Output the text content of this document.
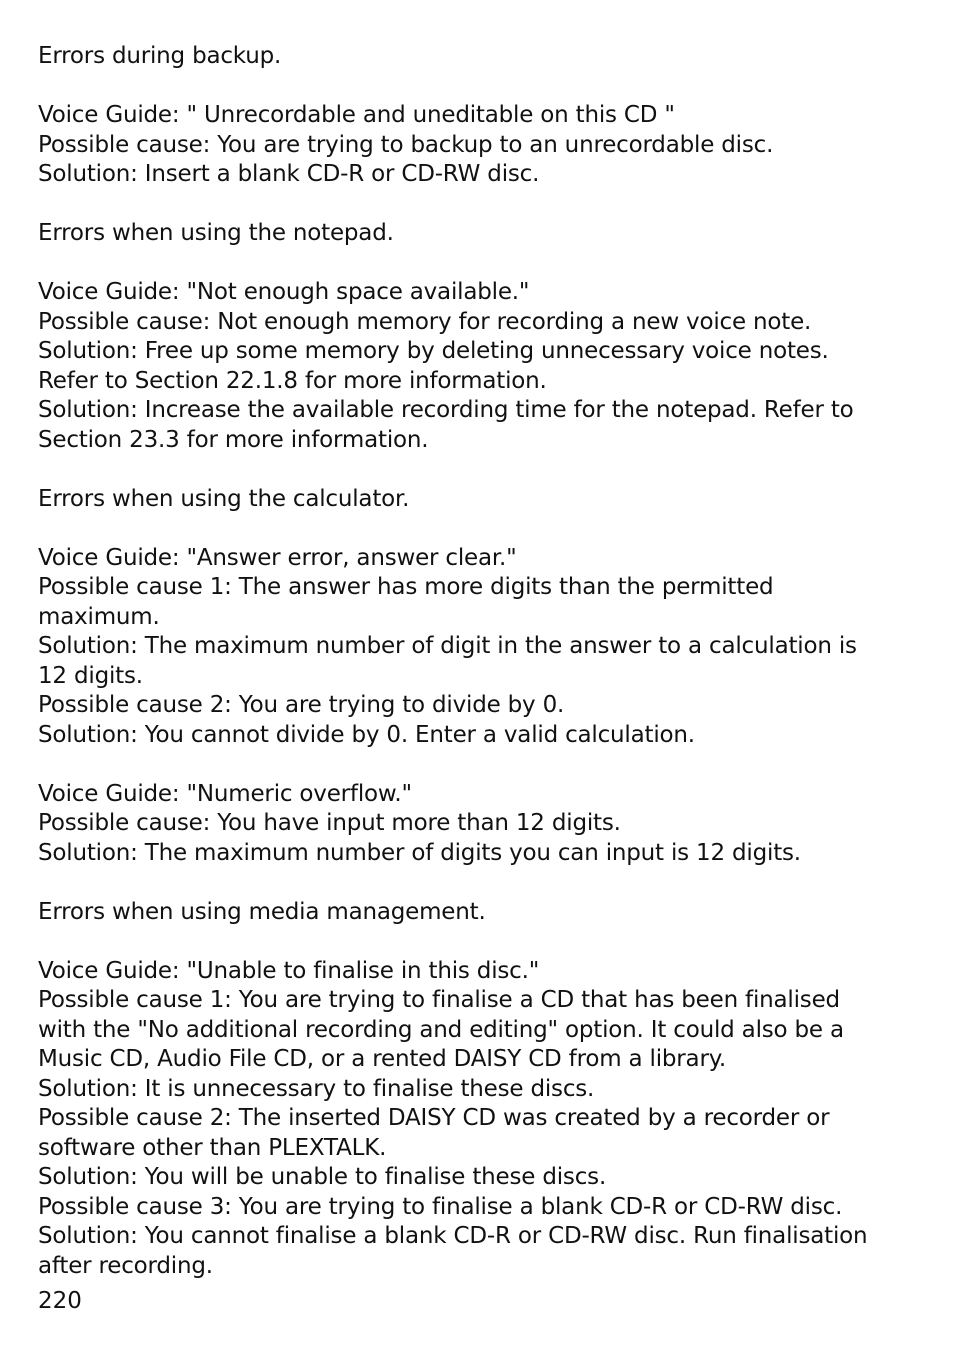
Errors during backup.
Voice Guide: " Unrecordable and uneditable on this CD "
Possible cause: You are trying to backup to an unrecordable disc.
Solution: Insert a blank CD-R or CD-RW disc.
Errors when using the notepad.
Voice Guide: "Not enough space available."
Possible cause: Not enough memory for recording a new voice note.
Solution: Free up some memory by deleting unnecessary voice notes.
Refer to Section 22.1.8 for more information.
Solution: Increase the available recording time for the notepad. Refer to
Section 23.3 for more information.
Errors when using the calculator.
Voice Guide: "Answer error, answer clear."
Possible cause 1: The answer has more digits than the permitted
maximum.
Solution: The maximum number of digit in the answer to a calculation is
12 digits.
Possible cause 2: You are trying to divide by 0.
Solution: You cannot divide by 0. Enter a valid calculation.
Voice Guide: "Numeric overflow."
Possible cause: You have input more than 12 digits.
Solution: The maximum number of digits you can input is 12 digits.
Errors when using media management.
Voice Guide: "Unable to finalise in this disc."
Possible cause 1: You are trying to finalise a CD that has been finalised
with the "No additional recording and editing" option. It could also be a
Music CD, Audio File CD, or a rented DAISY CD from a library.
Solution: It is unnecessary to finalise these discs.
Possible cause 2: The inserted DAISY CD was created by a recorder or
software other than PLEXTALK.
Solution: You will be unable to finalise these discs.
Possible cause 3: You are trying to finalise a blank CD-R or CD-RW disc.
Solution: You cannot finalise a blank CD-R or CD-RW disc. Run finalisation
after recording.
220
